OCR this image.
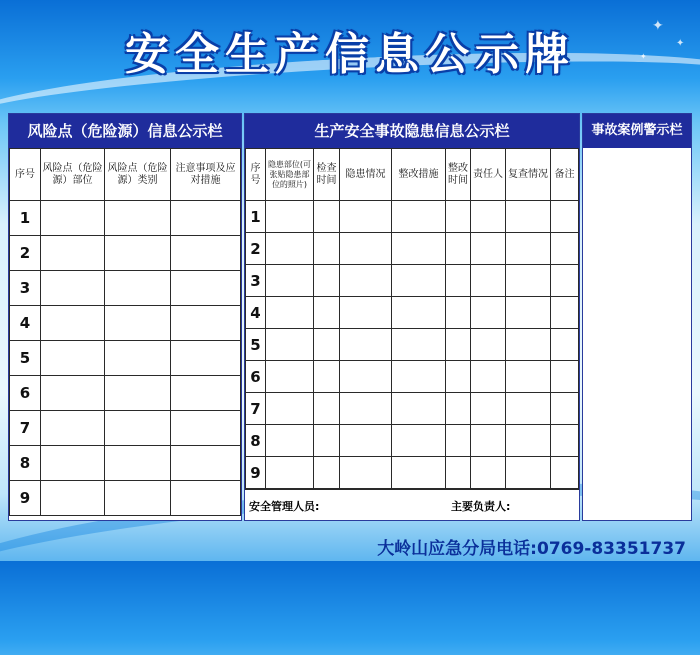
✦
✦
✦
安全生产信息公示牌
风险点（危险源）信息公示栏
序号	风险点（危险源）部位	风险点（危险源）类别	注意事项及应对措施
1			
2			
3			
4			
5			
6			
7			
8			
9			
生产安全事故隐患信息公示栏
序号	隐患部位(可张贴隐患部位的照片)	检查时间	隐患情况	整改措施	整改时间	责任人	复查情况	备注
1								
2								
3								
4								
5								
6								
7								
8								
9								
安全管理人员:	主要负责人:
事故案例警示栏
大岭山应急分局电话:0769-83351737
